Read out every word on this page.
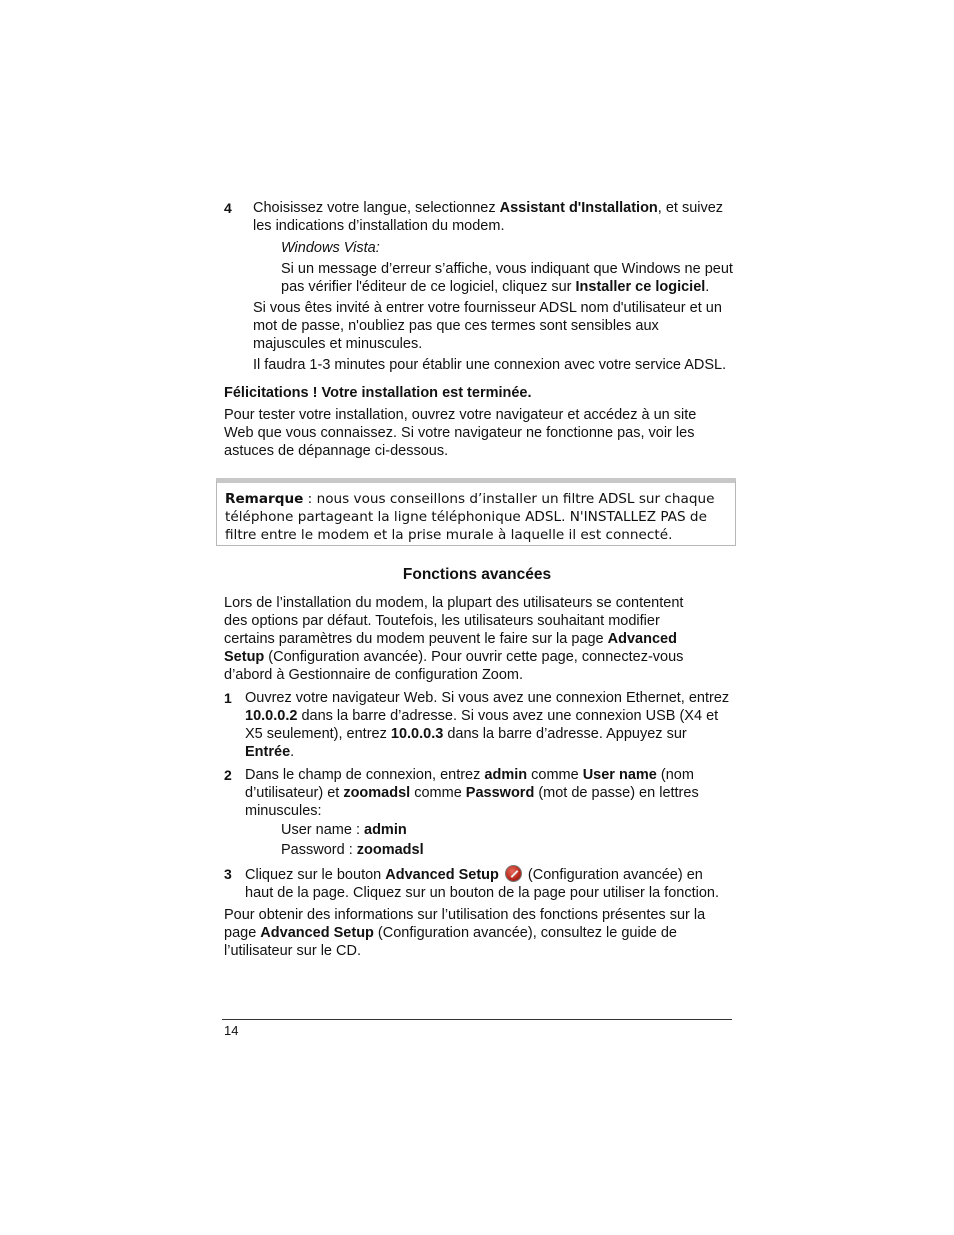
4 Choisissez votre langue, selectionnez Assistant d'Installation, et suivez les indications d’installation du modem.

Windows Vista:

Si un message d’erreur s’affiche, vous indiquant que Windows ne peut pas vérifier l'éditeur de ce logiciel, cliquez sur Installer ce logiciel.

Si vous êtes invité à entrer votre fournisseur ADSL nom d'utilisateur et un mot de passe, n'oubliez pas que ces termes sont sensibles aux majuscules et minuscules.

Il faudra 1-3 minutes pour établir une connexion avec votre service ADSL.

Félicitations ! Votre installation est terminée.

Pour tester votre installation, ouvrez votre navigateur et accédez à un site Web que vous connaissez. Si votre navigateur ne fonctionne pas, voir les astuces de dépannage ci-dessous.

Remarque : nous vous conseillons d’installer un filtre ADSL sur chaque téléphone partageant la ligne téléphonique ADSL. N'INSTALLEZ PAS de filtre entre le modem et la prise murale à laquelle il est connecté.
Fonctions avancées

Lors de l’installation du modem, la plupart des utilisateurs se contentent des options par défaut. Toutefois, les utilisateurs souhaitant modifier certains paramètres du modem peuvent le faire sur la page Advanced Setup (Configuration avancée). Pour ouvrir cette page, connectez-vous d’abord à Gestionnaire de configuration Zoom.

1 Ouvrez votre navigateur Web. Si vous avez une connexion Ethernet, entrez 10.0.0.2 dans la barre d’adresse. Si vous avez une connexion USB (X4 et X5 seulement), entrez 10.0.0.3 dans la barre d’adresse. Appuyez sur Entrée.

2 Dans le champ de connexion, entrez admin comme User name (nom d’utilisateur) et zoomadsl comme Password (mot de passe) en lettres minuscules:

User name : admin

Password : zoomadsl

3 Cliquez sur le bouton Advanced Setup  (Configuration avancée) en haut de la page. Cliquez sur un bouton de la page pour utiliser la fonction.

Pour obtenir des informations sur l’utilisation des fonctions présentes sur la page Advanced Setup (Configuration avancée), consultez le guide de l’utilisateur sur le CD.

14
